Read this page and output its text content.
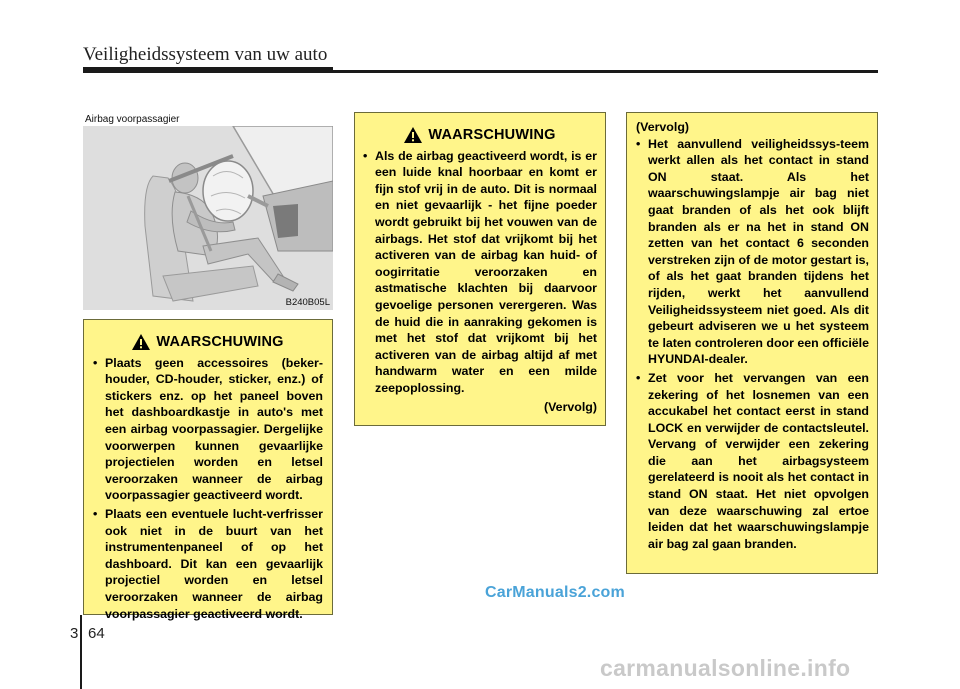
Veiligheidssysteem van uw auto
Airbag voorpassagier
B240B05L
WAARSCHUWING
• Plaats geen accessoires (beker-houder, CD-houder, sticker, enz.) of stickers enz. op het paneel boven het dashboardkastje in auto's met een airbag voorpassagier. Dergelijke voorwerpen kunnen gevaarlijke projectielen worden en letsel veroorzaken wanneer de airbag voorpassagier geactiveerd wordt.
• Plaats een eventuele lucht-verfrisser ook niet in de buurt van het instrumentenpaneel of op het dashboard. Dit kan een gevaarlijk projectiel worden en letsel veroorzaken wanneer de airbag voorpassagier geactiveerd wordt.
WAARSCHUWING
• Als de airbag geactiveerd wordt, is er een luide knal hoorbaar en komt er fijn stof vrij in de auto. Dit is normaal en niet gevaarlijk - het fijne poeder wordt gebruikt bij het vouwen van de airbags. Het stof dat vrijkomt bij het activeren van de airbag kan huid- of oogirritatie veroorzaken en astmatische klachten bij daarvoor gevoelige personen verergeren. Was de huid die in aanraking gekomen is met het stof dat vrijkomt bij het activeren van de airbag altijd af met handwarm water en een milde zeepoplossing.
(Vervolg)
(Vervolg)
• Het aanvullend veiligheidssys-teem werkt allen als het contact in stand ON staat. Als het waarschuwingslampje air bag niet gaat branden of als het ook blijft branden als er na het in stand ON zetten van het contact 6 seconden verstreken zijn of de motor gestart is, of als het gaat branden tijdens het rijden, werkt het aanvullend Veiligheidssysteem niet goed. Als dit gebeurt adviseren we u het systeem te laten controleren door een officiële HYUNDAI-dealer.
• Zet voor het vervangen van een zekering of het losnemen van een accukabel het contact eerst in stand LOCK en verwijder de contactsleutel. Vervang of verwijder een zekering die aan het airbagsysteem gerelateerd is nooit als het contact in stand ON staat. Het niet opvolgen van deze waarschuwing zal ertoe leiden dat het waarschuwingslampje air bag zal gaan branden.
CarManuals2.com
carmanualsonline.info
3 64
